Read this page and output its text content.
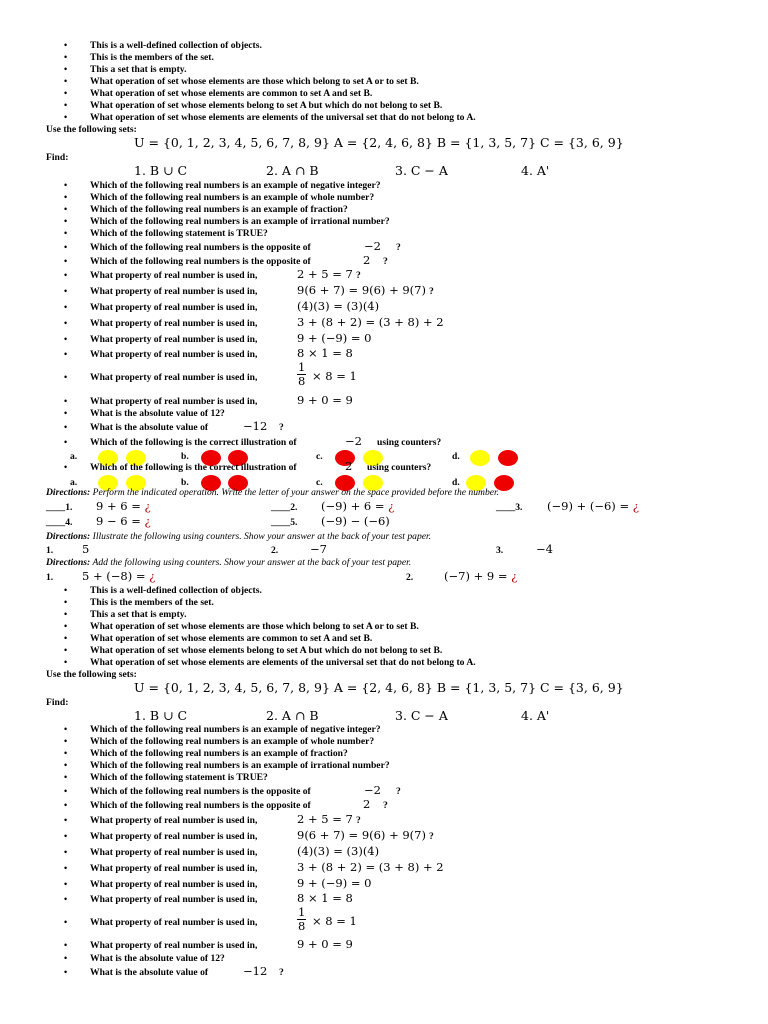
This is a well-defined collection of objects.
This is the members of the set.
This a set that is empty.
What operation of set whose elements are those which belong to set A or to set B.
What operation of set whose elements are common to set A and set B.
What operation of set whose elements belong to set A but which do not belong to set B.
What operation of set whose elements are elements of the universal set that do not belong to A.
Use the following sets:
U = {0, 1, 2, 3, 4, 5, 6, 7, 8, 9} A = {2, 4, 6, 8} B = {1, 3, 5, 7} C = {3, 6, 9}
Find:
1. B ∪ C	2. A ∩ B	3. C − A	4. A'
Which of the following real numbers is an example of negative integer?
Which of the following real numbers is an example of whole number?
Which of the following real numbers is an example of fraction?
Which of the following real numbers is an example of irrational number?
Which of the following statement is TRUE?
Which of the following real numbers is the opposite of	−2 ?
Which of the following real numbers is the opposite of	2 ?
What property of real number is used in,	2 + 5 = 7 ?
What property of real number is used in,	9(6 + 7) = 9(6) + 9(7) ?
What property of real number is used in,	(4)(3) = (3)(4)
What property of real number is used in,	3 + (8 + 2) = (3 + 8) + 2
What property of real number is used in,	9 + (−9) = 0
What property of real number is used in,	8 × 1 = 8
What property of real number is used in,	$\frac{1}{8} \times 8 = 1$
What property of real number is used in,	9 + 0 = 9
What is the absolute value of 12?
What is the absolute value of	−12 ?
Which of the following is the correct illustration of	−2 using counters?
a.	b.	c.	d.
Which of the following is the correct illustration of	2 using counters?
a.	b.	c.	d.
Directions: Perform the indicated operation. Write the letter of your answer on the space provided before the number.
____1. 9 + 6 = ¿	____2. (−9) + 6 = ¿	____3. (−9) + (−6) = ¿
____4. 9 − 6 = ¿	____5. (−9) − (−6)
Directions: Illustrate the following using counters. Show your answer at the back of your test paper.
1.	5	2.	−7	3.	−4
Directions: Add the following using counters. Show your answer at the back of your test paper.
1.	5 + (−8) = ¿	2.	(−7) + 9 = ¿
This is a well-defined collection of objects.
This is the members of the set.
This a set that is empty.
What operation of set whose elements are those which belong to set A or to set B.
What operation of set whose elements are common to set A and set B.
What operation of set whose elements belong to set A but which do not belong to set B.
What operation of set whose elements are elements of the universal set that do not belong to A.
Use the following sets:
U = {0, 1, 2, 3, 4, 5, 6, 7, 8, 9} A = {2, 4, 6, 8} B = {1, 3, 5, 7} C = {3, 6, 9}
Find:
1. B ∪ C	2. A ∩ B	3. C − A	4. A'
Which of the following real numbers is an example of negative integer?
Which of the following real numbers is an example of whole number?
Which of the following real numbers is an example of fraction?
Which of the following real numbers is an example of irrational number?
Which of the following statement is TRUE?
Which of the following real numbers is the opposite of	−2 ?
Which of the following real numbers is the opposite of	2 ?
What property of real number is used in,	2 + 5 = 7 ?
What property of real number is used in,	9(6 + 7) = 9(6) + 9(7) ?
What property of real number is used in,	(4)(3) = (3)(4)
What property of real number is used in,	3 + (8 + 2) = (3 + 8) + 2
What property of real number is used in,	9 + (−9) = 0
What property of real number is used in,	8 × 1 = 8
What property of real number is used in,	$\frac{1}{8} \times 8 = 1$
What property of real number is used in,	9 + 0 = 9
What is the absolute value of 12?
What is the absolute value of	−12 ?
